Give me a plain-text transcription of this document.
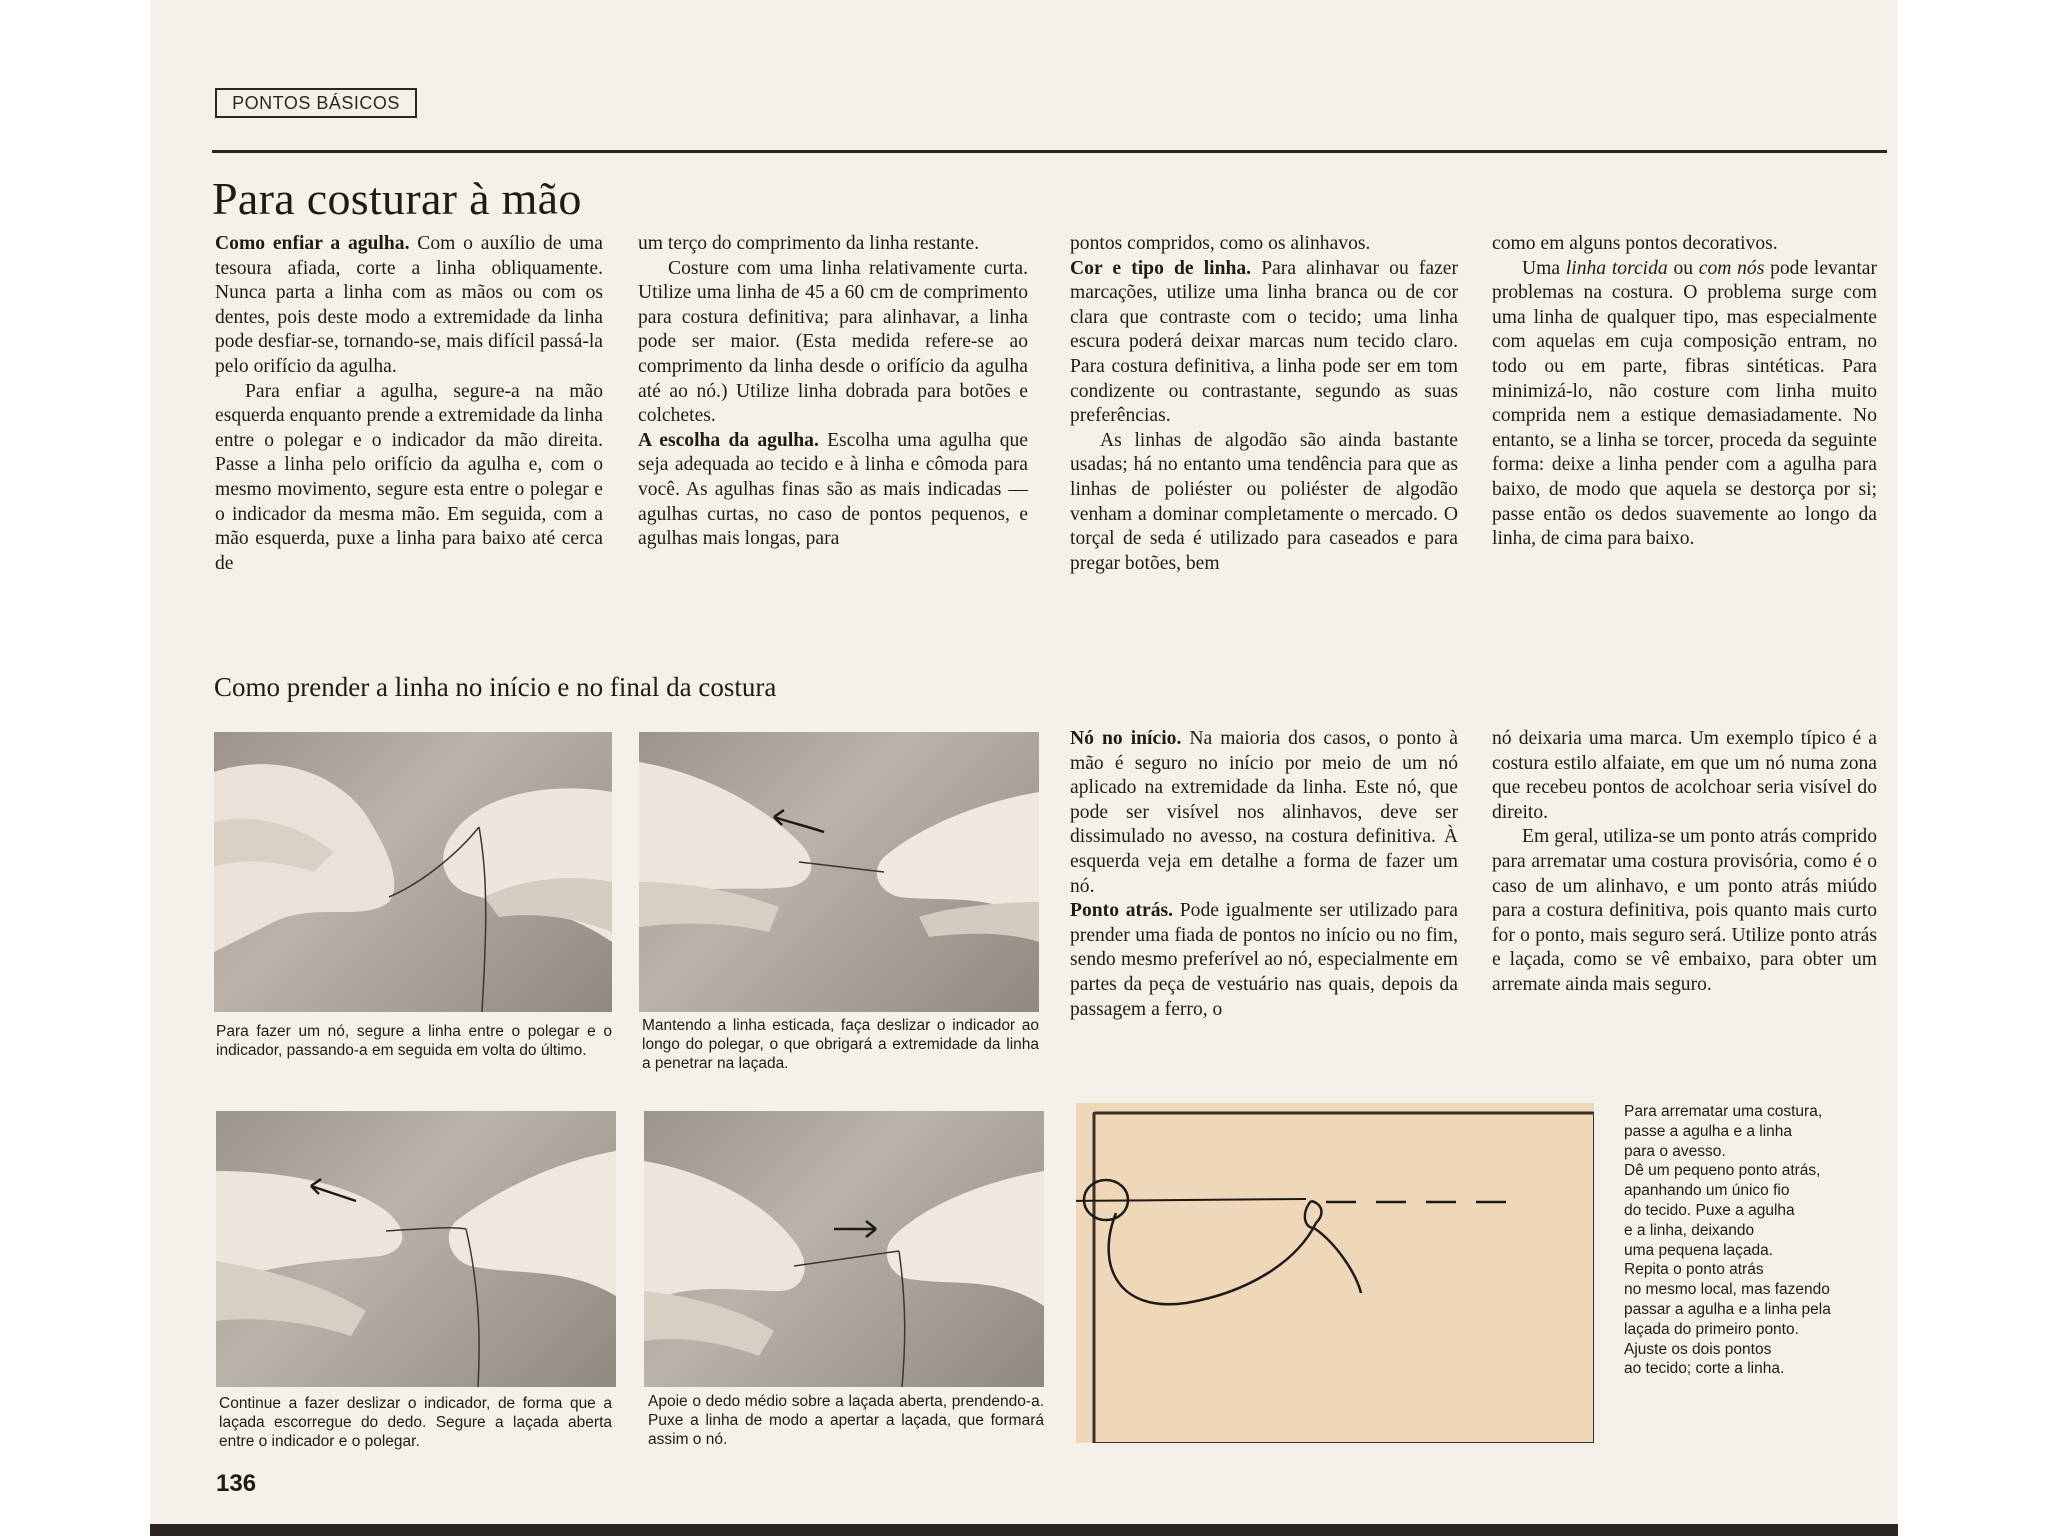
PONTOS BÁSICOS
Para costurar à mão

Como enfiar a agulha. Com o auxílio de uma tesoura afiada, corte a linha obliquamente. Nunca parta a linha com as mãos ou com os dentes, pois deste modo a extremidade da linha pode desfiar-se, tornando-se, mais difícil passá-la pelo orifício da agulha.

Para enfiar a agulha, segure-a na mão esquerda enquanto prende a extremidade da linha entre o polegar e o indicador da mão direita. Passe a linha pelo orifício da agulha e, com o mesmo movimento, segure esta entre o polegar e o indicador da mesma mão. Em seguida, com a mão esquerda, puxe a linha para baixo até cerca de

um terço do comprimento da linha restante.

Costure com uma linha relativamente curta. Utilize uma linha de 45 a 60 cm de comprimento para costura definitiva; para alinhavar, a linha pode ser maior. (Esta medida refere-se ao comprimento da linha desde o orifício da agulha até ao nó.) Utilize linha dobrada para botões e colchetes.

A escolha da agulha. Escolha uma agulha que seja adequada ao tecido e à linha e cômoda para você. As agulhas finas são as mais indicadas — agulhas curtas, no caso de pontos pequenos, e agulhas mais longas, para

pontos compridos, como os alinhavos.

Cor e tipo de linha. Para alinhavar ou fazer marcações, utilize uma linha branca ou de cor clara que contraste com o tecido; uma linha escura poderá deixar marcas num tecido claro. Para costura definitiva, a linha pode ser em tom condizente ou contrastante, segundo as suas preferências.

As linhas de algodão são ainda bastante usadas; há no entanto uma tendência para que as linhas de poliéster ou poliéster de algodão venham a dominar completamente o mercado. O torçal de seda é utilizado para caseados e para pregar botões, bem

como em alguns pontos decorativos.

Uma linha torcida ou com nós pode levantar problemas na costura. O problema surge com uma linha de qualquer tipo, mas especialmente com aquelas em cuja composição entram, no todo ou em parte, fibras sintéticas. Para minimizá-lo, não costure com linha muito comprida nem a estique demasiadamente. No entanto, se a linha se torcer, proceda da seguinte forma: deixe a linha pender com a agulha para baixo, de modo que aquela se destorça por si; passe então os dedos suavemente ao longo da linha, de cima para baixo.

Como prender a linha no início e no final da costura
Para fazer um nó, segure a linha entre o polegar e o indicador, passando-a em seguida em volta do último.
Mantendo a linha esticada, faça deslizar o indicador ao longo do polegar, o que obrigará a extremidade da linha a penetrar na laçada.
Continue a fazer deslizar o indicador, de forma que a laçada escorregue do dedo. Segure a laçada aberta entre o indicador e o polegar.
Apoie o dedo médio sobre a laçada aberta, prendendo-a. Puxe a linha de modo a apertar a laçada, que formará assim o nó.

Nó no início. Na maioria dos casos, o ponto à mão é seguro no início por meio de um nó aplicado na extremidade da linha. Este nó, que pode ser visível nos alinhavos, deve ser dissimulado no avesso, na costura definitiva. À esquerda veja em detalhe a forma de fazer um nó.

Ponto atrás. Pode igualmente ser utilizado para prender uma fiada de pontos no início ou no fim, sendo mesmo preferível ao nó, especialmente em partes da peça de vestuário nas quais, depois da passagem a ferro, o

nó deixaria uma marca. Um exemplo típico é a costura estilo alfaiate, em que um nó numa zona que recebeu pontos de acolchoar seria visível do direito.

Em geral, utiliza-se um ponto atrás comprido para arrematar uma costura provisória, como é o caso de um alinhavo, e um ponto atrás miúdo para a costura definitiva, pois quanto mais curto for o ponto, mais seguro será. Utilize ponto atrás e laçada, como se vê embaixo, para obter um arremate ainda mais seguro.

Para arrematar uma costura,
passe a agulha e a linha
para o avesso.
Dê um pequeno ponto atrás,
apanhando um único fio
do tecido. Puxe a agulha
e a linha, deixando
uma pequena laçada.
Repita o ponto atrás
no mesmo local, mas fazendo
passar a agulha e a linha pela
laçada do primeiro ponto.
Ajuste os dois pontos
ao tecido; corte a linha.
136
